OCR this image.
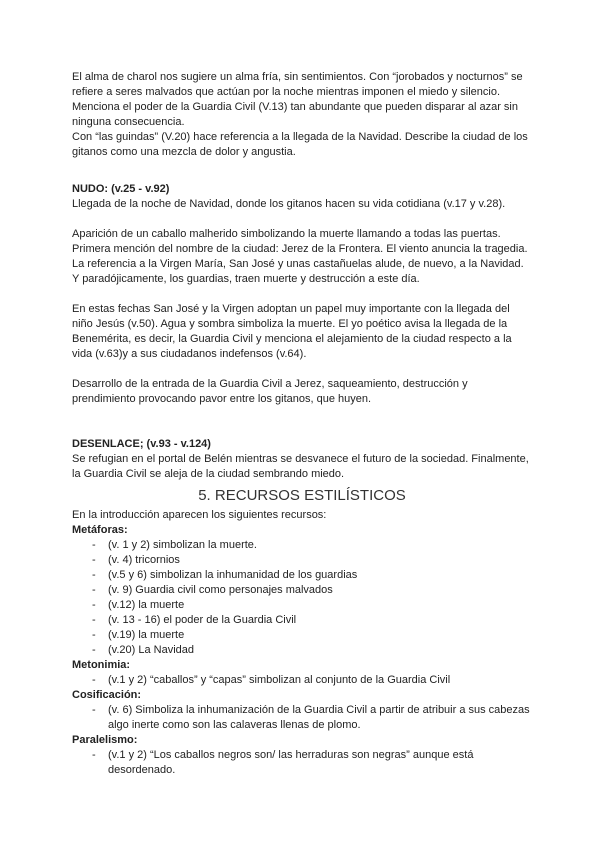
El alma de charol nos sugiere un alma fría, sin sentimientos. Con “jorobados y nocturnos” se refiere a seres malvados que actúan por la noche mientras imponen el miedo y silencio. Menciona el poder de la Guardia Civil (V.13) tan abundante que pueden disparar al azar sin ninguna consecuencia.

Con “las guindas” (V.20) hace referencia a la llegada de la Navidad. Describe la ciudad de los gitanos como una mezcla de dolor y angustia.

NUDO: (v.25 - v.92)

Llegada de la noche de Navidad, donde los gitanos hacen su vida cotidiana (v.17 y v.28).

Aparición de un caballo malherido simbolizando la muerte llamando a todas las puertas. Primera mención del nombre de la ciudad: Jerez de la Frontera. El viento anuncia la tragedia. La referencia a la Virgen María, San José y unas castañuelas alude, de nuevo, a la Navidad. Y paradójicamente, los guardias, traen muerte y destrucción a este día.

En estas fechas San José y la Virgen adoptan un papel muy importante con la llegada del niño Jesús (v.50). Agua y sombra simboliza la muerte. El yo poético avisa la llegada de la Benemérita, es decir, la Guardia Civil y menciona el alejamiento de la ciudad respecto a la vida (v.63)y a sus ciudadanos indefensos (v.64).

Desarrollo de la entrada de la Guardia Civil a Jerez, saqueamiento, destrucción y prendimiento provocando pavor entre los gitanos, que huyen.

DESENLACE; (v.93 - v.124)

Se refugian en el portal de Belén mientras se desvanece el futuro de la sociedad. Finalmente, la Guardia Civil se aleja de la ciudad sembrando miedo.

5. RECURSOS ESTILÍSTICOS

En la introducción aparecen los siguientes recursos:

Metáforas:

- (v. 1 y 2) simbolizan la muerte.
- (v. 4) tricornios
- (v.5 y 6) simbolizan la inhumanidad de los guardias
- (v. 9) Guardia civil como personajes malvados
- (v.12) la muerte
- (v. 13 - 16) el poder de la Guardia Civil
- (v.19) la muerte
- (v.20) La Navidad

Metonimia:

- (v.1 y 2) “caballos” y “capas” simbolizan al conjunto de la Guardia Civil

Cosificación:

- (v. 6) Simboliza la inhumanización de la Guardia Civil a partir de atribuir a sus cabezas algo inerte como son las calaveras llenas de plomo.

Paralelismo:

- (v.1 y 2) “Los caballos negros son/ las herraduras son negras” aunque está desordenado.
